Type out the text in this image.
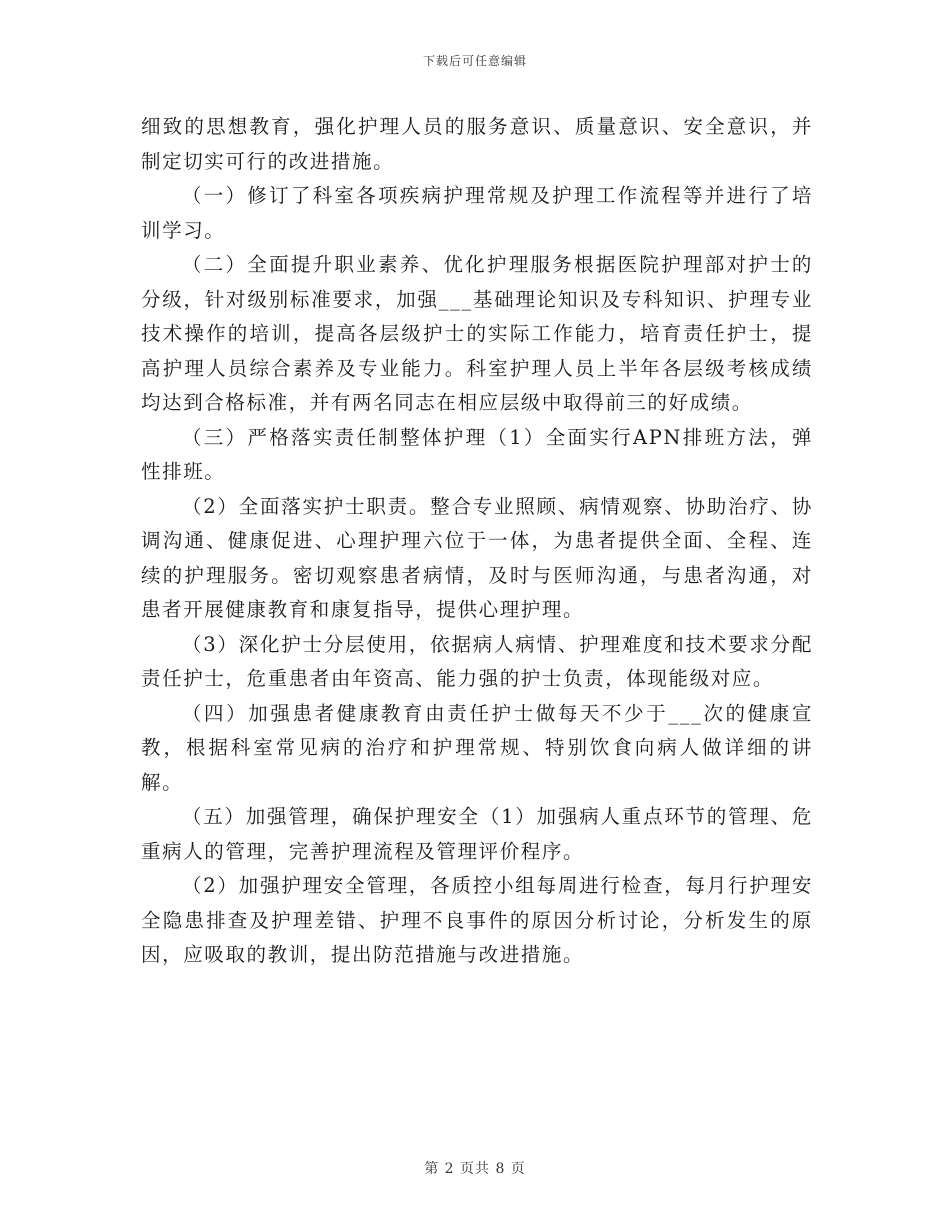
下载后可任意编辑

细致的思想教育，强化护理人员的服务意识、质量意识、安全意识，并制定切实可行的改进措施。

（一）修订了科室各项疾病护理常规及护理工作流程等并进行了培训学习。

（二）全面提升职业素养、优化护理服务根据医院护理部对护士的分级，针对级别标准要求，加强___基础理论知识及专科知识、护理专业技术操作的培训，提高各层级护士的实际工作能力，培育责任护士，提高护理人员综合素养及专业能力。科室护理人员上半年各层级考核成绩均达到合格标准，并有两名同志在相应层级中取得前三的好成绩。

（三）严格落实责任制整体护理（1）全面实行APN排班方法，弹性排班。

（2）全面落实护士职责。整合专业照顾、病情观察、协助治疗、协调沟通、健康促进、心理护理六位于一体，为患者提供全面、全程、连续的护理服务。密切观察患者病情，及时与医师沟通，与患者沟通，对患者开展健康教育和康复指导，提供心理护理。

（3）深化护士分层使用，依据病人病情、护理难度和技术要求分配责任护士，危重患者由年资高、能力强的护士负责，体现能级对应。

（四）加强患者健康教育由责任护士做每天不少于___次的健康宣教，根据科室常见病的治疗和护理常规、特别饮食向病人做详细的讲解。

（五）加强管理，确保护理安全（1）加强病人重点环节的管理、危重病人的管理，完善护理流程及管理评价程序。

（2）加强护理安全管理，各质控小组每周进行检查，每月行护理安全隐患排查及护理差错、护理不良事件的原因分析讨论，分析发生的原因，应吸取的教训，提出防范措施与改进措施。

第 2 页共 8 页
